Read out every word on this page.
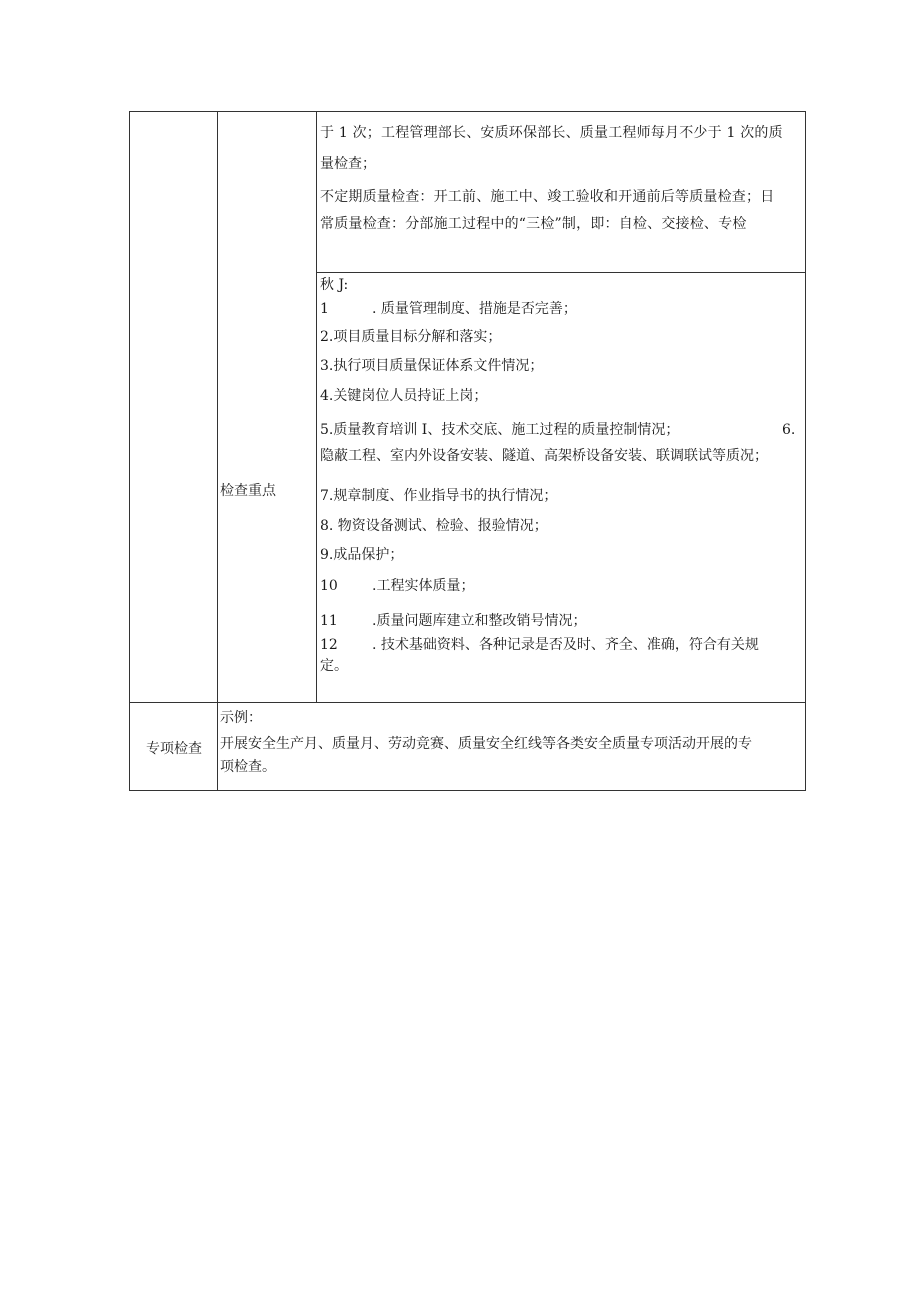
于 1 次；工程管理部长、安质环保部长、质量工程师每月不少于 1 次的质
量检查；
不定期质量检查：开工前、施工中、竣工验收和开通前后等质量检查；日
常质量检查：分部施工过程中的“三检”制，即：自检、交接检、专检
检查重点
秋 J:
1	. 质量管理制度、措施是否完善；
2.项目质量目标分解和落实；
3.执行项目质量保证体系文件情况；
4.关键岗位人员持证上岗；
5.质量教育培训 I、技术交底、施工过程的质量控制情况；	6.
隐蔽工程、室内外设备安装、隧道、高架桥设备安装、联调联试等质况；
7.规章制度、作业指导书的执行情况；
8. 物资设备测试、检验、报验情况；
9.成品保护；
10 .工程实体质量；
11 .质量问题库建立和整改销号情况；
12 . 技术基础资料、各种记录是否及时、齐全、准确，符合有关规
定。
专项检查
示例：
开展安全生产月、质量月、劳动竞赛、质量安全红线等各类安全质量专项活动开展的专
项检查。
